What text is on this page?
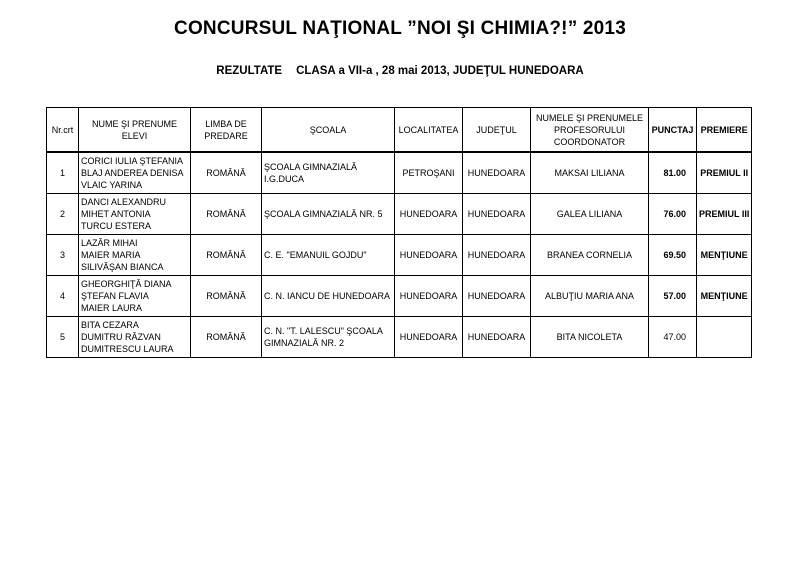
CONCURSUL NAŢIONAL ”NOI ŞI CHIMIA?!” 2013
REZULTATE CLASA a VII-a , 28 mai 2013, JUDEŢUL HUNEDOARA
Nr.crt	NUME ŞI PRENUME ELEVI	LIMBA DE PREDARE	ŞCOALA	LOCALITATEA	JUDEŢUL	NUMELE ŞI PRENUMELE PROFESORULUI COORDONATOR	PUNCTAJ	PREMIERE
1	CORICI IULIA ŞTEFANIA
BLAJ ANDEREA DENISA
VLAIC YARINA	ROMÂNĂ	ŞCOALA GIMNAZIALĂ I.G.DUCA	PETROŞANI	HUNEDOARA	MAKSAI LILIANA	81.00	PREMIUL II
2	DANCI ALEXANDRU
MIHET ANTONIA
TURCU ESTERA	ROMÂNĂ	ŞCOALA GIMNAZIALĂ NR. 5	HUNEDOARA	HUNEDOARA	GALEA LILIANA	76.00	PREMIUL III
3	LAZĂR MIHAI
MAIER MARIA
SILIVĂŞAN BIANCA	ROMÂNĂ	C. E. "EMANUIL GOJDU"	HUNEDOARA	HUNEDOARA	BRANEA CORNELIA	69.50	MENŢIUNE
4	GHEORGHIŢĂ DIANA
ŞTEFAN FLAVIA
MAIER LAURA	ROMÂNĂ	C. N. IANCU DE HUNEDOARA	HUNEDOARA	HUNEDOARA	ALBUŢIU MARIA ANA	57.00	MENŢIUNE
5	BITA CEZARA
DUMITRU RĂZVAN
DUMITRESCU LAURA	ROMÂNĂ	C. N. "T. LALESCU" ŞCOALA GIMNAZIALĂ NR. 2	HUNEDOARA	HUNEDOARA	BITA NICOLETA	47.00	
